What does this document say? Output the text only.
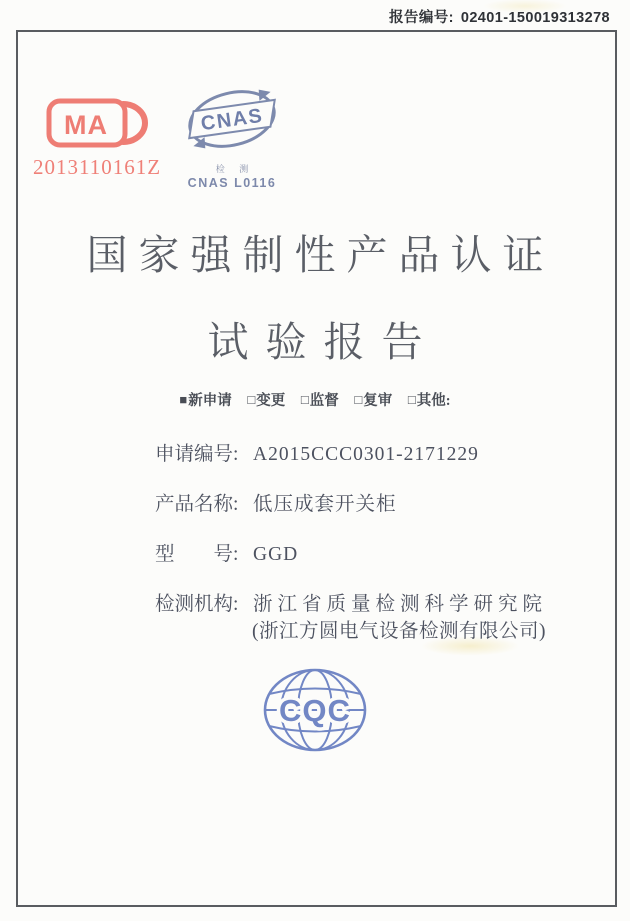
报告编号: 02401-150019313278
MA
2013110161Z
CNAS
检 测
CNAS L0116
国家强制性产品认证
试验报告
■新申请 □变更 □监督 □复审 □其他:
申请编号: A2015CCC0301-2171229
产品名称: 低压成套开关柜
型　　号: GGD
检测机构: 浙江省质量检测科学研究院
(浙江方圆电气设备检测有限公司)
CQC
